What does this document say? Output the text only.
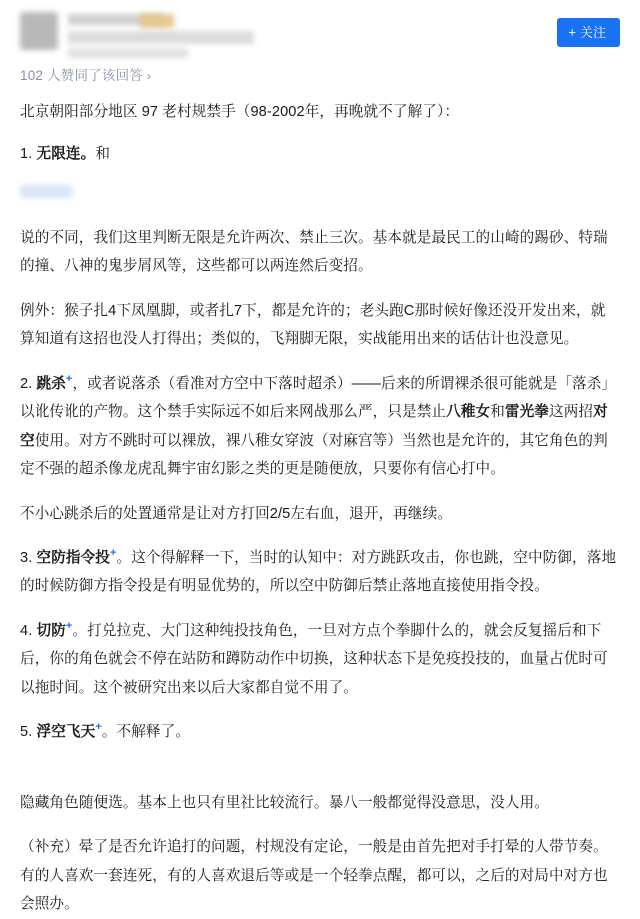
+ 关注
102 人赞同了该回答 ›

北京朝阳部分地区 97 老村规禁手（98-2002年，再晚就不了解了）：

1. 无限连。和

说的不同，我们这里判断无限是允许两次、禁止三次。基本就是最民工的山崎的踢砂、特瑞的撞、八神的鬼步屑风等，这些都可以两连然后变招。

例外：猴子扎4下凤凰脚，或者扎7下，都是允许的；老头跑C那时候好像还没开发出来，就算知道有这招也没人打得出；类似的，飞翔脚无限，实战能用出来的话估计也没意见。

2. 跳杀+，或者说落杀（看准对方空中下落时超杀）——后来的所谓裸杀很可能就是「落杀」以讹传讹的产物。这个禁手实际远不如后来网战那么严，只是禁止八稚女和雷光拳这两招对空使用。对方不跳时可以裸放，裸八稚女穿波（对麻宫等）当然也是允许的，其它角色的判定不强的超杀像龙虎乱舞宇宙幻影之类的更是随便放，只要你有信心打中。

不小心跳杀后的处置通常是让对方打回2/5左右血，退开，再继续。

3. 空防指令投+。这个得解释一下，当时的认知中：对方跳跃攻击，你也跳，空中防御，落地的时候防御方指令投是有明显优势的，所以空中防御后禁止落地直接使用指令投。

4. 切防+。打兑拉克、大门这种纯投技角色，一旦对方点个拳脚什么的，就会反复摇后和下后，你的角色就会不停在站防和蹲防动作中切换，这种状态下是免疫投技的，血量占优时可以拖时间。这个被研究出来以后大家都自觉不用了。

5. 浮空飞天+。不解释了。

隐藏角色随便选。基本上也只有里社比较流行。暴八一般都觉得没意思，没人用。

（补充）晕了是否允许追打的问题，村规没有定论，一般是由首先把对手打晕的人带节奏。有的人喜欢一套连死，有的人喜欢退后等或是一个轻拳点醒，都可以，之后的对局中对方也会照办。
